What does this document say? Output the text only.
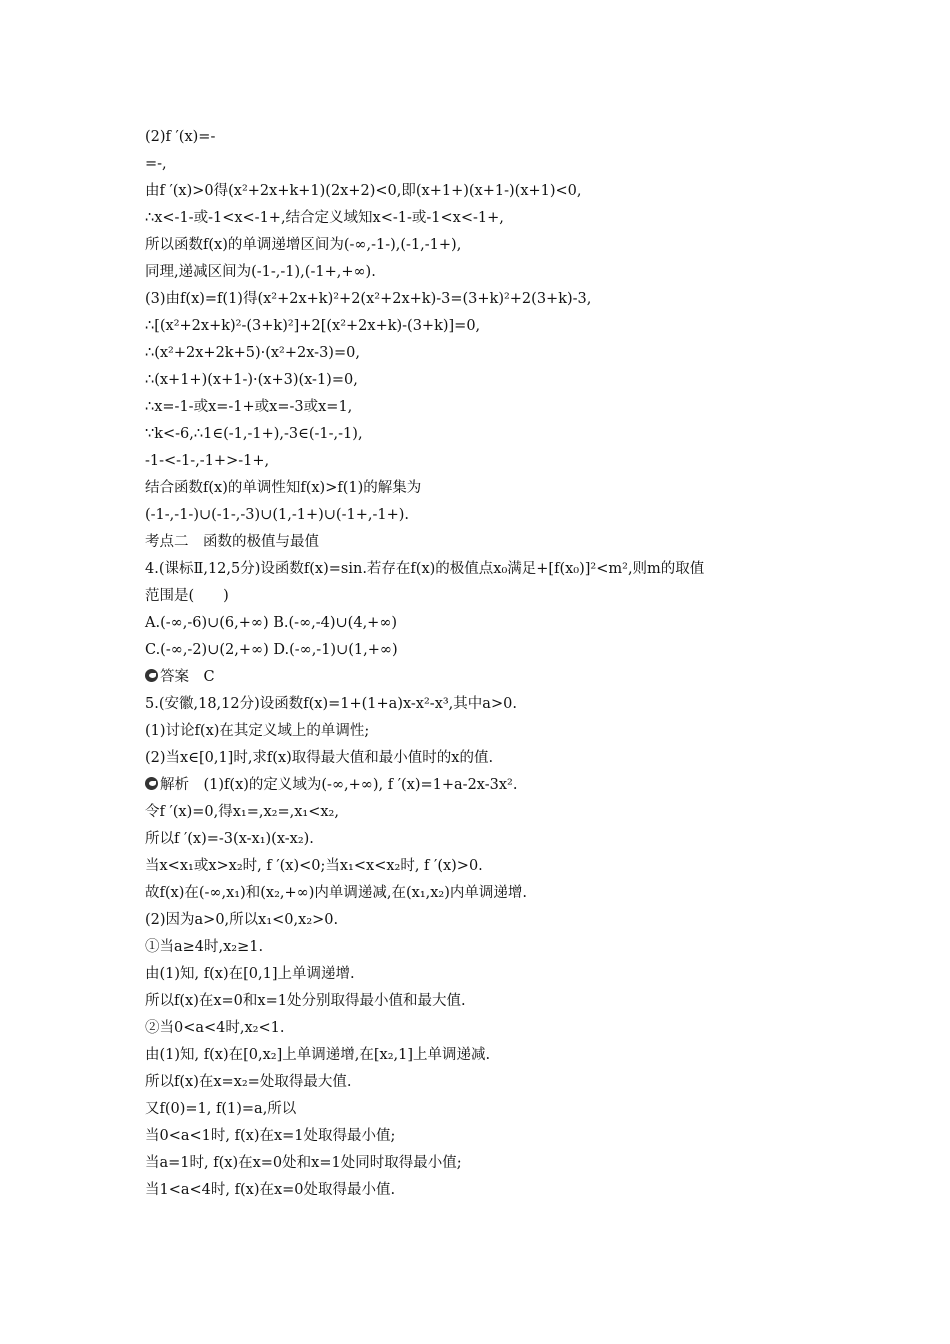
(2)f ′(x)=-
=-,
由f ′(x)>0得(x²+2x+k+1)(2x+2)<0,即(x+1+)(x+1-)(x+1)<0,
∴x<-1-或-1<x<-1+,结合定义域知x<-1-或-1<x<-1+,
所以函数f(x)的单调递增区间为(-∞,-1-),(-1,-1+),
同理,递减区间为(-1-,-1),(-1+,+∞).
(3)由f(x)=f(1)得(x²+2x+k)²+2(x²+2x+k)-3=(3+k)²+2(3+k)-3,
∴[(x²+2x+k)²-(3+k)²]+2[(x²+2x+k)-(3+k)]=0,
∴(x²+2x+2k+5)·(x²+2x-3)=0,
∴(x+1+)(x+1-)·(x+3)(x-1)=0,
∴x=-1-或x=-1+或x=-3或x=1,
∵k<-6,∴1∈(-1,-1+),-3∈(-1-,-1),
-1-<-1-,-1+>-1+,
结合函数f(x)的单调性知f(x)>f(1)的解集为
(-1-,-1-)∪(-1-,-3)∪(1,-1+)∪(-1+,-1+).
考点二　函数的极值与最值
4.(课标Ⅱ,12,5分)设函数f(x)=sin.若存在f(x)的极值点x₀满足+[f(x₀)]²<m²,则m的取值
范围是(　　)
A.(-∞,-6)∪(6,+∞) B.(-∞,-4)∪(4,+∞)
C.(-∞,-2)∪(2,+∞) D.(-∞,-1)∪(1,+∞)
答案　C
5.(安徽,18,12分)设函数f(x)=1+(1+a)x-x²-x³,其中a>0.
(1)讨论f(x)在其定义域上的单调性;
(2)当x∈[0,1]时,求f(x)取得最大值和最小值时的x的值.
解析　(1)f(x)的定义域为(-∞,+∞), f ′(x)=1+a-2x-3x².
令f ′(x)=0,得x₁=,x₂=,x₁<x₂,
所以f ′(x)=-3(x-x₁)(x-x₂).
当x<x₁或x>x₂时, f ′(x)<0;当x₁<x<x₂时, f ′(x)>0.
故f(x)在(-∞,x₁)和(x₂,+∞)内单调递减,在(x₁,x₂)内单调递增.
(2)因为a>0,所以x₁<0,x₂>0.
①当a≥4时,x₂≥1.
由(1)知, f(x)在[0,1]上单调递增.
所以f(x)在x=0和x=1处分别取得最小值和最大值.
②当0<a<4时,x₂<1.
由(1)知, f(x)在[0,x₂]上单调递增,在[x₂,1]上单调递减.
所以f(x)在x=x₂=处取得最大值.
又f(0)=1, f(1)=a,所以
当0<a<1时, f(x)在x=1处取得最小值;
当a=1时, f(x)在x=0处和x=1处同时取得最小值;
当1<a<4时, f(x)在x=0处取得最小值.
